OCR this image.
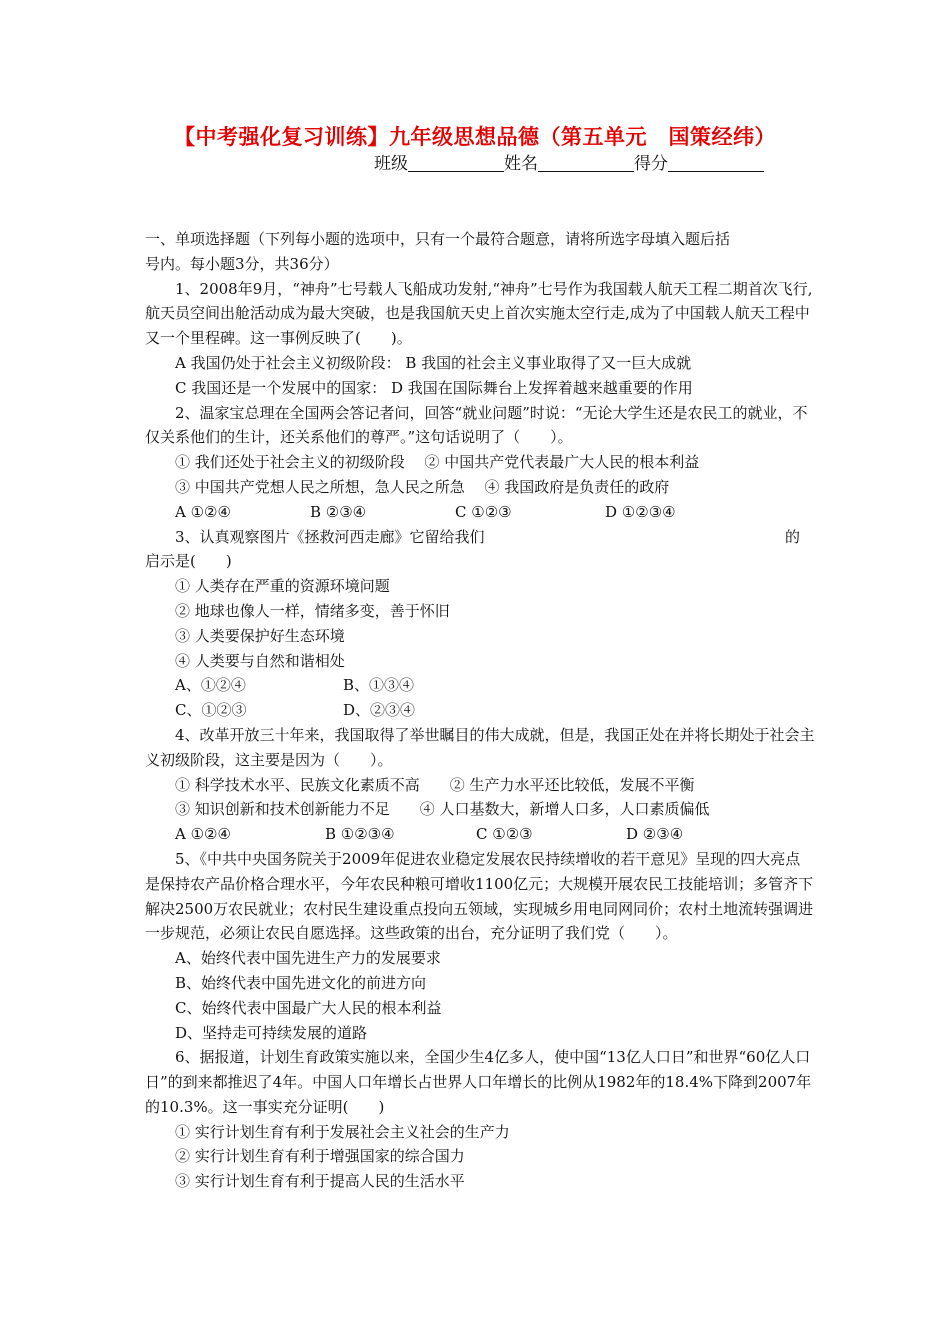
【中考强化复习训练】九年级思想品德（第五单元　国策经纬）
班级	姓名	得分

一、单项选择题（下列每小题的选项中，只有一个最符合题意，请将所选字母填入题后括

号内。每小题3分，共36分）

1、2008年9月，“神舟”七号载人飞船成功发射,“神舟”七号作为我国载人航天工程二期首次飞行,航天员空间出舱活动成为最大突破，也是我国航天史上首次实施太空行走,成为了中国载人航天工程中又一个里程碑。这一事例反映了(　　)。

A 我国仍处于社会主义初级阶段： B 我国的社会主义事业取得了又一巨大成就

C 我国还是一个发展中的国家： D 我国在国际舞台上发挥着越来越重要的作用

2、温家宝总理在全国两会答记者问，回答“就业问题”时说：“无论大学生还是农民工的就业，不仅关系他们的生计，还关系他们的尊严。”这句话说明了（　　）。

① 我们还处于社会主义的初级阶段　 ② 中国共产党代表最广大人民的根本利益

③ 中国共产党想人民之所想，急人民之所急　 ④ 我国政府是负责任的政府

A ①②④	B ②③④	C ①②③	D ①②③④

3、认真观察图片《拯救河西走廊》它留给我们	的

启示是(　　)

① 人类存在严重的资源环境问题

② 地球也像人一样，情绪多变，善于怀旧

③ 人类要保护好生态环境

④ 人类要与自然和谐相处

A、①②④	B、①③④

C、①②③	D、②③④

4、改革开放三十年来，我国取得了举世瞩目的伟大成就，但是，我国正处在并将长期处于社会主义初级阶段，这主要是因为（　　）。

① 科学技术水平、民族文化素质不高　　② 生产力水平还比较低，发展不平衡

③ 知识创新和技术创新能力不足　　④ 人口基数大，新增人口多，人口素质偏低

A ①②④	B ①②③④	C ①②③	D ②③④

5、《中共中央国务院关于2009年促进农业稳定发展农民持续增收的若干意见》呈现的四大亮点是保持农产品价格合理水平，今年农民种粮可增收1100亿元；大规模开展农民工技能培训；多管齐下解决2500万农民就业；农村民生建设重点投向五领域，实现城乡用电同网同价；农村土地流转强调进一步规范，必须让农民自愿选择。这些政策的出台，充分证明了我们党（　　）。

A、始终代表中国先进生产力的发展要求

B、始终代表中国先进文化的前进方向

C、始终代表中国最广大人民的根本利益

D、坚持走可持续发展的道路

6、据报道，计划生育政策实施以来，全国少生4亿多人，使中国“13亿人口日”和世界“60亿人口日”的到来都推迟了4年。中国人口年增长占世界人口年增长的比例从1982年的18.4%下降到2007年的10.3%。这一事实充分证明(　　)

① 实行计划生育有利于发展社会主义社会的生产力

② 实行计划生育有利于增强国家的综合国力

③ 实行计划生育有利于提高人民的生活水平
